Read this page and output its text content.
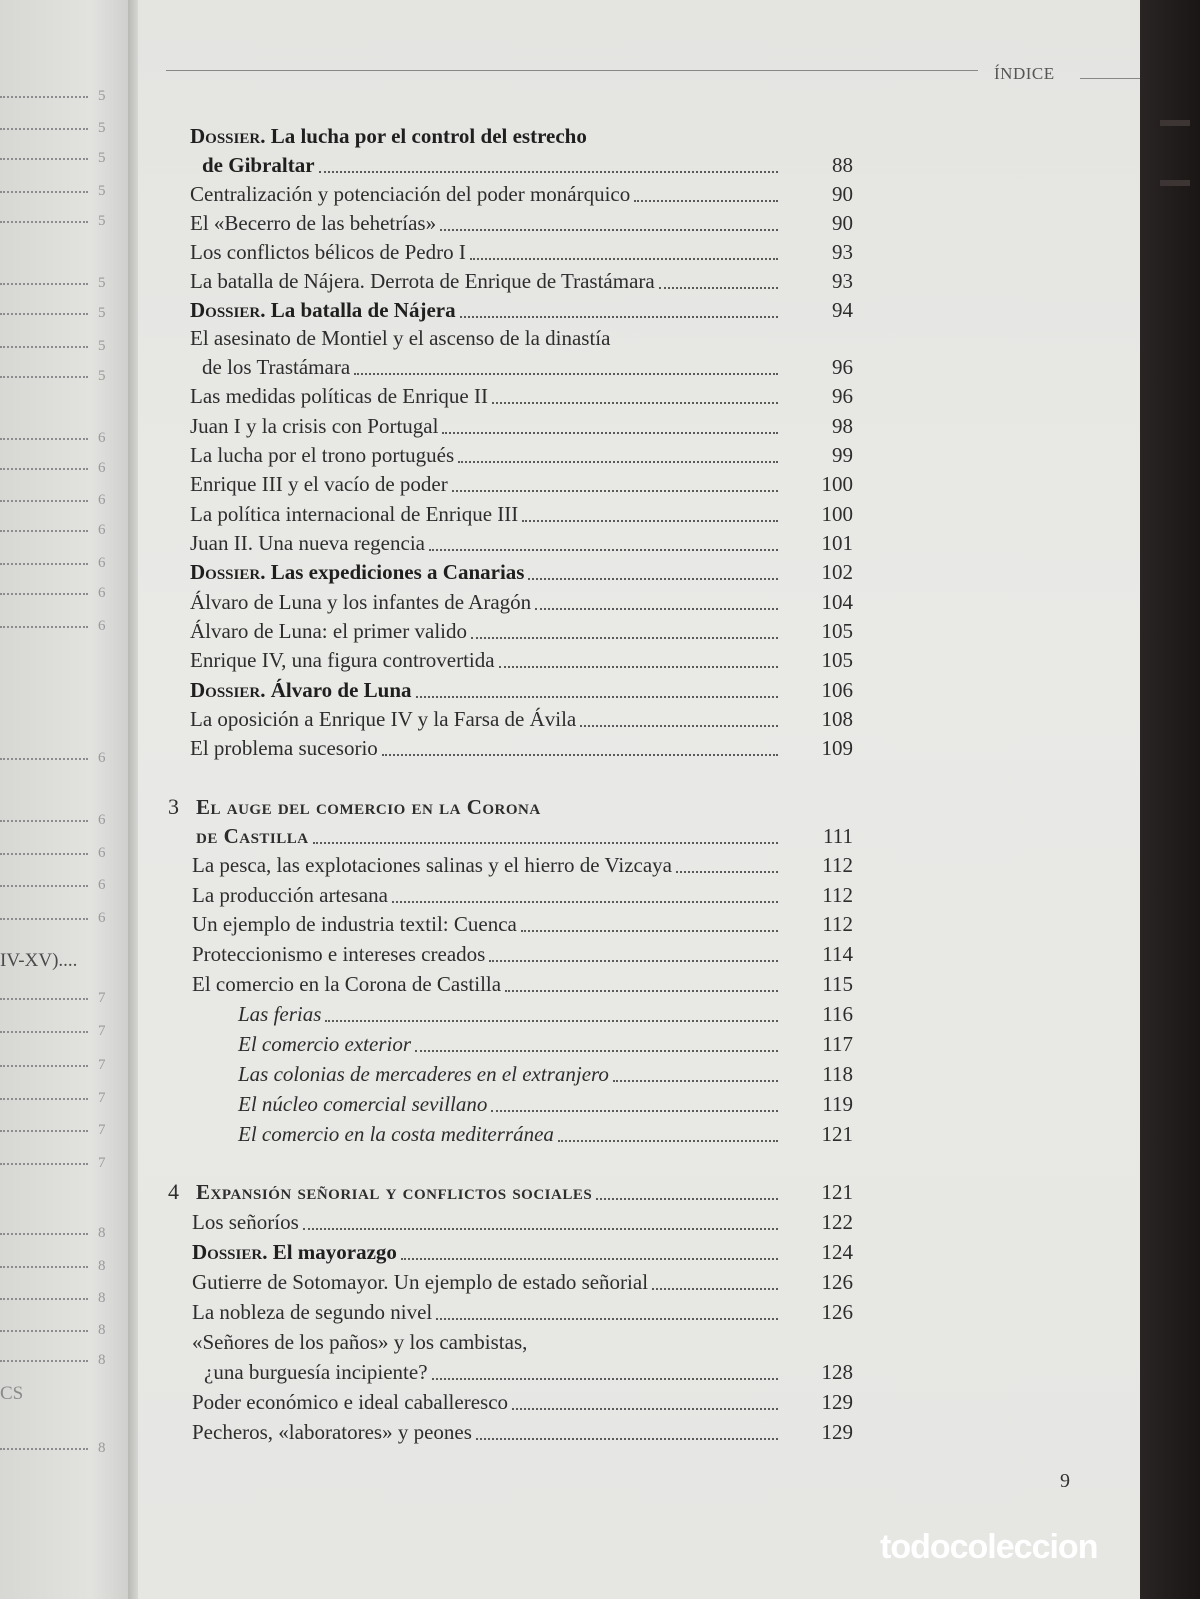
5
5
5
5
5
5
5
5
5
6
6
6
6
6
6
6
6
6
6
6
6
7
7
7
7
7
7
8
8
8
8
8
8
IV-XV)....
CS
ÍNDICE
Dossier. La lucha por el control del estrecho
de Gibraltar	88
Centralización y potenciación del poder monárquico	90
El «Becerro de las behetrías»	90
Los conflictos bélicos de Pedro I	93
La batalla de Nájera. Derrota de Enrique de Trastámara	93
Dossier. La batalla de Nájera	94
El asesinato de Montiel y el ascenso de la dinastía
de los Trastámara	96
Las medidas políticas de Enrique II	96
Juan I y la crisis con Portugal	98
La lucha por el trono portugués	99
Enrique III y el vacío de poder	100
La política internacional de Enrique III	100
Juan II. Una nueva regencia	101
Dossier. Las expediciones a Canarias	102
Álvaro de Luna y los infantes de Aragón	104
Álvaro de Luna: el primer valido	105
Enrique IV, una figura controvertida	105
Dossier. Álvaro de Luna	106
La oposición a Enrique IV y la Farsa de Ávila	108
El problema sucesorio	109
3 El auge del comercio en la Corona
de Castilla	111
La pesca, las explotaciones salinas y el hierro de Vizcaya	112
La producción artesana	112
Un ejemplo de industria textil: Cuenca	112
Proteccionismo e intereses creados	114
El comercio en la Corona de Castilla	115
Las ferias	116
El comercio exterior	117
Las colonias de mercaderes en el extranjero	118
El núcleo comercial sevillano	119
El comercio en la costa mediterránea	121
4 Expansión señorial y conflictos sociales	121
Los señoríos	122
Dossier. El mayorazgo	124
Gutierre de Sotomayor. Un ejemplo de estado señorial	126
La nobleza de segundo nivel	126
«Señores de los paños» y los cambistas,
¿una burguesía incipiente?	128
Poder económico e ideal caballeresco	129
Pecheros, «laboratores» y peones	129
9
todocoleccion
